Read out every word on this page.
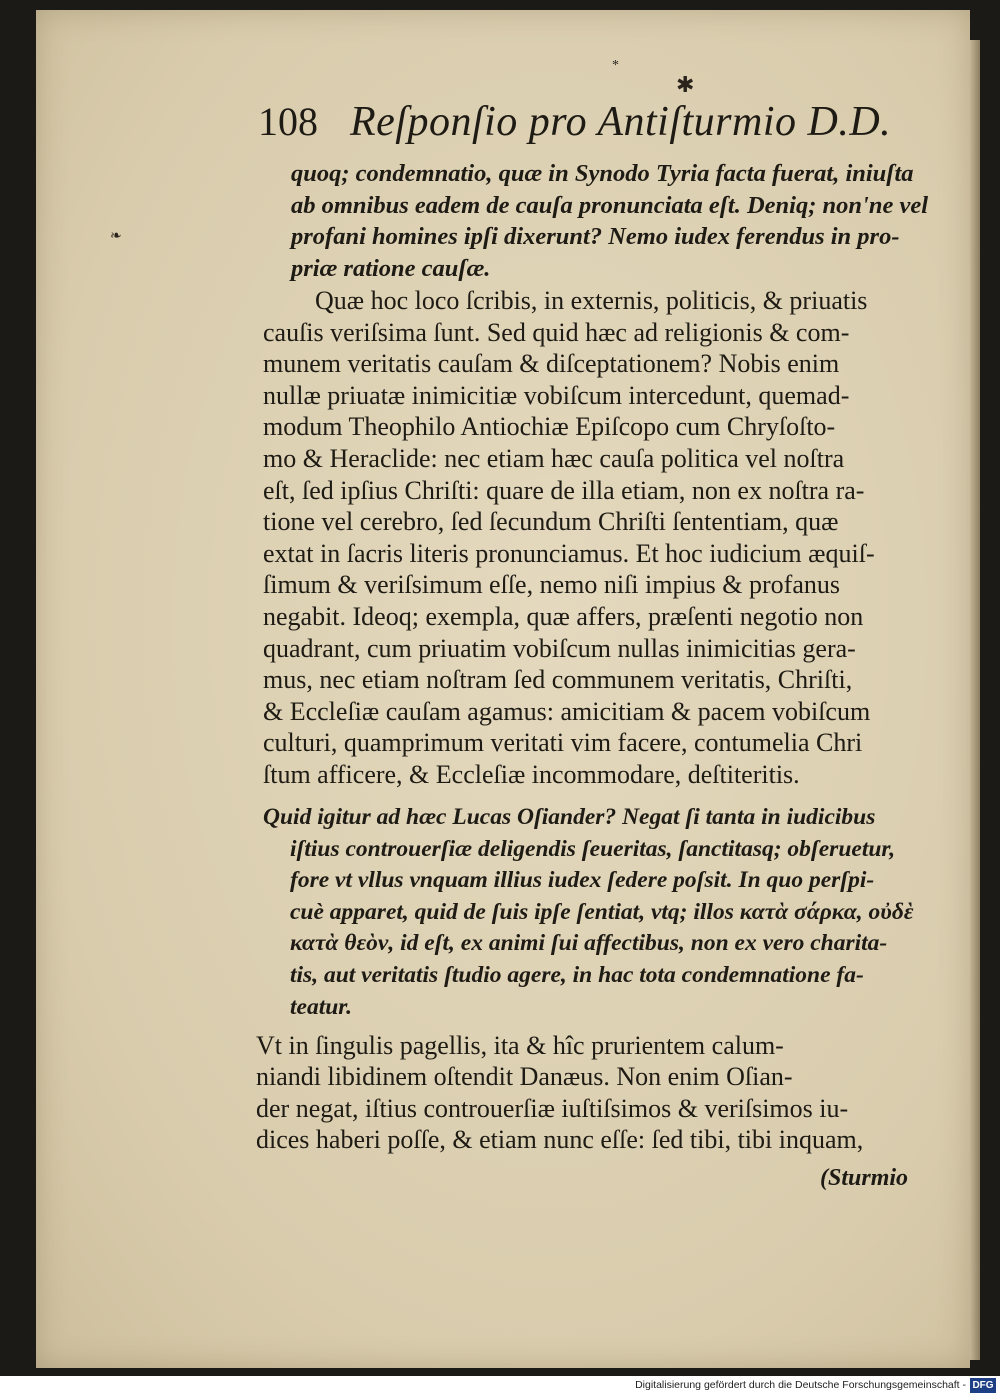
*
✱
❧
108 Reſponſio pro Antiſturmio D.D.
quoq; condemnatio, quæ in Synodo Tyria facta fuerat, iniuſta
ab omnibus eadem de cauſa pronunciata eſt. Deniq; non'ne vel
profani homines ipſi dixerunt? Nemo iudex ferendus in pro-
priæ ratione cauſæ.
Quæ hoc loco ſcribis, in externis, politicis, & priuatis
cauſis veriſsima ſunt. Sed quid hæc ad religionis & com-
munem veritatis cauſam & diſceptationem? Nobis enim
nullæ priuatæ inimicitiæ vobiſcum intercedunt, quemad-
modum Theophilo Antiochiæ Epiſcopo cum Chryſoſto-
mo & Heraclide: nec etiam hæc cauſa politica vel noſtra
eſt, ſed ipſius Chriſti: quare de illa etiam, non ex noſtra ra-
tione vel cerebro, ſed ſecundum Chriſti ſententiam, quæ
extat in ſacris literis pronunciamus. Et hoc iudicium æquiſ-
ſimum & veriſsimum eſſe, nemo niſi impius & profanus
negabit. Ideoq; exempla, quæ affers, præſenti negotio non
quadrant, cum priuatim vobiſcum nullas inimicitias gera-
mus, nec etiam noſtram ſed communem veritatis, Chriſti,
& Eccleſiæ cauſam agamus: amicitiam & pacem vobiſcum
culturi, quamprimum veritati vim facere, contumelia Chri
ſtum afficere, & Eccleſiæ incommodare, deſtiteritis.
Quid igitur ad hæc Lucas Oſiander? Negat ſi tanta in iudicibus
iſtius controuerſiæ deligendis ſeueritas, ſanctitasq; obſeruetur,
fore vt vllus vnquam illius iudex ſedere poſsit. In quo perſpi-
cuè apparet, quid de ſuis ipſe ſentiat, vtq; illos κατὰ σάρκα, οὐδὲ
κατὰ θεὸν, id eſt, ex animi ſui affectibus, non ex vero charita-
tis, aut veritatis ſtudio agere, in hac tota condemnatione fa-
teatur.
Vt in ſingulis pagellis, ita & hîc prurientem calum-
niandi libidinem oſtendit Danæus. Non enim Oſian-
der negat, iſtius controuerſiæ iuſtiſsimos & veriſsimos iu-
dices haberi poſſe, & etiam nunc eſſe: ſed tibi, tibi inquam,
(Sturmio
Digitalisierung gefördert durch die Deutsche Forschungsgemeinschaft - DFG
